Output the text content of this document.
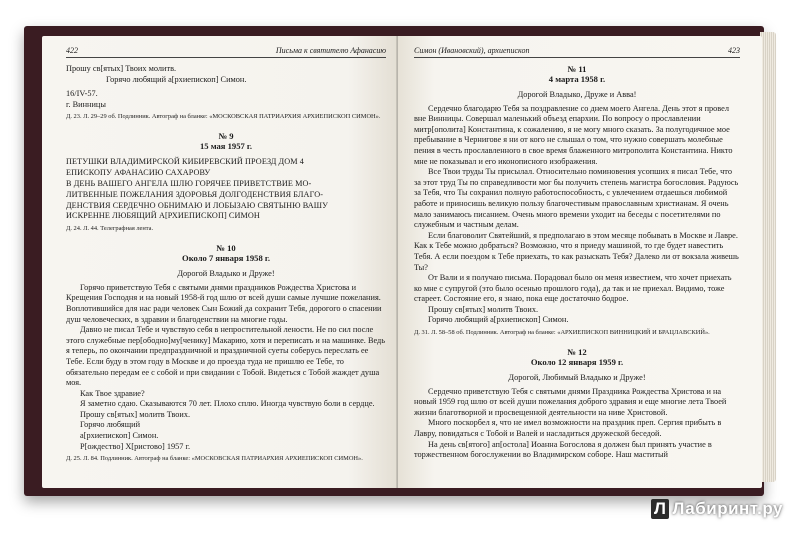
422	Письма к святителю Афанасию

Прошу св[ятых] Твоих молитв.

Горячо любящий а[рхиепископ] Симон.

16/IV-57.

г. Винницы

Д. 23. Л. 29–29 об. Подлинник. Автограф на бланке: «МОСКОВСКАЯ ПАТРИАРХИЯ АРХИЕПИСКОП СИМОН».

№ 9

15 мая 1957 г.

ПЕТУШКИ ВЛАДИМИРСКОЙ КИБИРЕВСКИЙ ПРОЕЗД ДОМ 4

ЕПИСКОПУ АФАНАСИЮ САХАРОВУ

В ДЕНЬ ВАШЕГО АНГЕЛА ШЛЮ ГОРЯЧЕЕ ПРИВЕТСТВИЕ МО-

ЛИТВЕННЫЕ ПОЖЕЛАНИЯ ЗДОРОВЬЯ ДОЛГОДЕНСТВИЯ БЛАГО-

ДЕНСТВИЯ СЕРДЕЧНО ОБНИМАЮ И ЛОБЫЗАЮ СВЯТЫНЮ ВАШУ

ИСКРЕННЕ ЛЮБЯЩИЙ А[РХИЕПИСКОП] СИМОН

Д. 24. Л. 44. Телеграфная лента.

№ 10

Около 7 января 1958 г.

Дорогой Владыко и Друже!

Горячо приветствую Тебя с святыми днями праздников Рождества Христова и Крещения Господня и на новый 1958-й год шлю от всей души самые лучшие пожелания. Воплотившийся для нас ради человек Сын Божий да сохранит Тебя, дорогого о спасении душ человеческих, в здравии и благоденствии на многие годы.

Давно не писал Тебе и чувствую себя в непростительной лености. Не по сил после этого служебные пер[ободно]му[ченику] Макарию, хотя и переписать и на машинке. Ведь я теперь, по окончании предпраздничной и праздничной суеты соберусь переслать ее Тебе. Если буду в этом году в Москве и до проезда туда не пришлю ее Тебе, то обязательно передам ее с собой и при свидании с Тобой. Видеться с Тобой жаждет душа моя.

Как Твое здравие?

Я заметно сдаю. Сказываются 70 лет. Плохо сплю. Иногда чувствую боли в сердце.

Прошу св[ятых] молитв Твоих.

Горячо любящий

а[рхиепископ] Симон.

Р[ождество] Х[ристово] 1957 г.

Д. 25. Л. 84. Подлинник. Автограф на бланке: «МОСКОВСКАЯ ПАТРИАРХИЯ АРХИЕПИСКОП СИМОН».

Симон (Ивановский), архиепископ	423

№ 11

4 марта 1958 г.

Дорогой Владыко, Друже и Авва!

Сердечно благодарю Тебя за поздравление со днем моего Ангела. День этот я провел вне Винницы. Совершал маленький объезд епархии. По вопросу о прославлении митр[ополита] Константина, к сожалению, я не могу много сказать. За полугодичное мое пребывание в Чернигове я ни от кого не слышал о том, что нужно совершать молебные пения в честь прославленного в свое время блаженного митрополита Константина. Никто мне не показывал и его иконописного изображения.

Все Твои труды Ты присылал. Относительно поминовения усопших я писал Тебе, что за этот труд Ты по справедливости мог бы получить степень магистра богословия. Радуюсь за Тебя, что Ты сохранил полную работоспособность, с увлечением отдаешься любимой работе и приносишь великую пользу благочестивым православным христианам. Я очень мало занимаюсь писанием. Очень много времени уходит на беседы с посетителями по служебным и частным делам.

Если благоволит Святейший, я предполагаю в этом месяце побывать в Москве и Лавре. Как к Тебе можно добраться? Возможно, что я приеду машиной, то где будет навестить Тебя. А если поездом к Тебе приехать, то как разыскать Тебя? Далеко ли от вокзала живешь Ты?

От Вали и я получаю письма. Порадовал было он меня известием, что хочет приехать ко мне с супругой (это было осенью прошлого года), да так и не приехал. Видимо, тоже стареет. Состояние его, я знаю, пока еще достаточно бодрое.

Прошу св[ятых] молитв Твоих.

Горячо любящий а[рхиепископ] Симон.

Д. 31. Л. 58–58 об. Подлинник. Автограф на бланке: «АРХИЕПИСКОП ВИННИЦКИЙ И БРАЦЛАВСКИЙ».

№ 12

Около 12 января 1959 г.

Дорогой, Любимый Владыко и Друже!

Сердечно приветствую Тебя с святыми днями Праздника Рождества Христова и на новый 1959 год шлю от всей души пожелания доброго здравия и еще многие лета Твоей жизни благотворной и просвещенной деятельности на ниве Христовой.

Много поскорбел я, что не имел возможности на праздник преп. Сергия прибыть в Лавру, повидаться с Тобой и Валей и насладиться дружеской беседой.

На день св[ятого] ап[остола] Иоанна Богослова я должен был принять участие в торжественном богослужении во Владимирском соборе. Наш маститый

Л Лабиринт.ру
